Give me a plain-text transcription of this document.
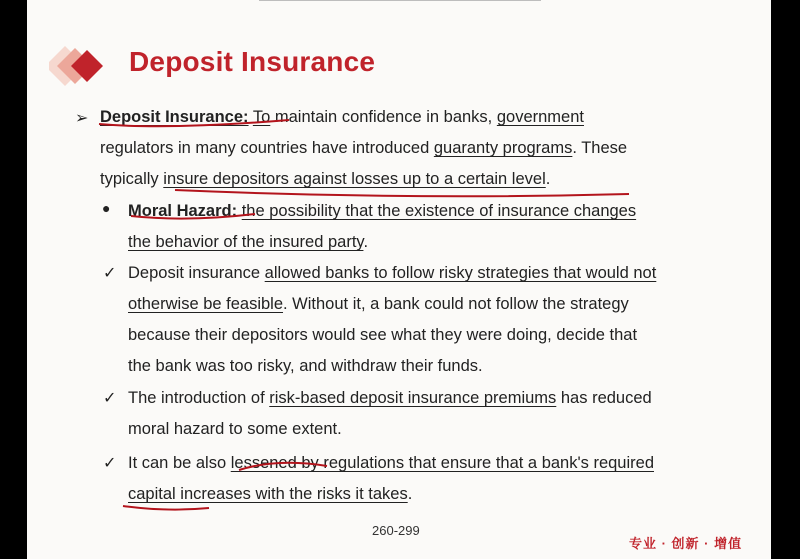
Deposit Insurance
➢ Deposit Insurance: To maintain confidence in banks, government
regulators in many countries have introduced guaranty programs. These
typically insure depositors against losses up to a certain level.
● Moral Hazard: the possibility that the existence of insurance changes
the behavior of the insured party.
✓ Deposit insurance allowed banks to follow risky strategies that would not
otherwise be feasible. Without it, a bank could not follow the strategy
because their depositors would see what they were doing, decide that
the bank was too risky, and withdraw their funds.
✓ The introduction of risk-based deposit insurance premiums has reduced
moral hazard to some extent.
✓ It can be also lessened by regulations that ensure that a bank's required
capital increases with the risks it takes.
260-299
专业 · 创新 · 增值
